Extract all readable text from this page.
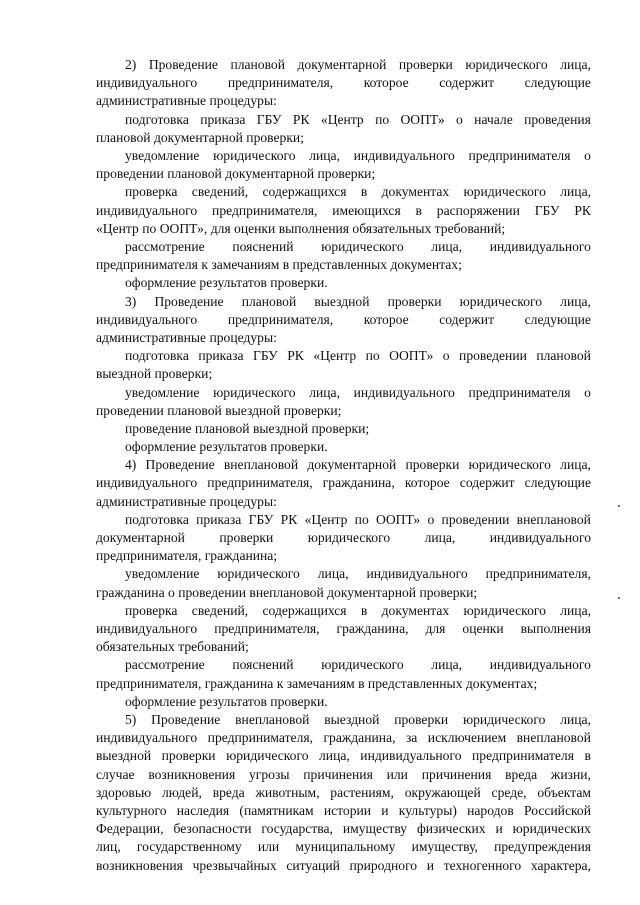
2) Проведение плановой документарной проверки юридического лица,
индивидуального предпринимателя, которое содержит следующие
административные процедуры:
подготовка приказа ГБУ РК «Центр по ООПТ» о начале проведения
плановой документарной проверки;
уведомление юридического лица, индивидуального предпринимателя о
проведении плановой документарной проверки;
проверка сведений, содержащихся в документах юридического лица,
индивидуального предпринимателя, имеющихся в распоряжении ГБУ РК
«Центр по ООПТ», для оценки выполнения обязательных требований;
рассмотрение пояснений юридического лица, индивидуального
предпринимателя к замечаниям в представленных документах;
оформление результатов проверки.
3) Проведение плановой выездной проверки юридического лица,
индивидуального предпринимателя, которое содержит следующие
административные процедуры:
подготовка приказа ГБУ РК «Центр по ООПТ» о проведении плановой
выездной проверки;
уведомление юридического лица, индивидуального предпринимателя о
проведении плановой выездной проверки;
проведение плановой выездной проверки;
оформление результатов проверки.
4) Проведение внеплановой документарной проверки юридического лица,
индивидуального предпринимателя, гражданина, которое содержит следующие
административные процедуры:
подготовка приказа ГБУ РК «Центр по ООПТ» о проведении внеплановой
документарной	проверки	юридического	лица,	индивидуального
предпринимателя, гражданина;
уведомление юридического лица, индивидуального предпринимателя,
гражданина о проведении внеплановой документарной проверки;
проверка сведений, содержащихся в документах юридического лица,
индивидуального предпринимателя, гражданина, для оценки выполнения
обязательных требований;
рассмотрение пояснений юридического лица, индивидуального
предпринимателя, гражданина к замечаниям в представленных документах;
оформление результатов проверки.
5) Проведение внеплановой выездной проверки юридического лица,
индивидуального предпринимателя, гражданина, за исключением внеплановой
выездной проверки юридического лица, индивидуального предпринимателя в
случае возникновения угрозы причинения или причинения вреда жизни,
здоровью людей, вреда животным, растениям, окружающей среде, объектам
культурного наследия (памятникам истории и культуры) народов Российской
Федерации, безопасности государства, имуществу физических и юридических
лиц, государственному или муниципальному имуществу, предупреждения
возникновения чрезвычайных ситуаций природного и техногенного характера,
